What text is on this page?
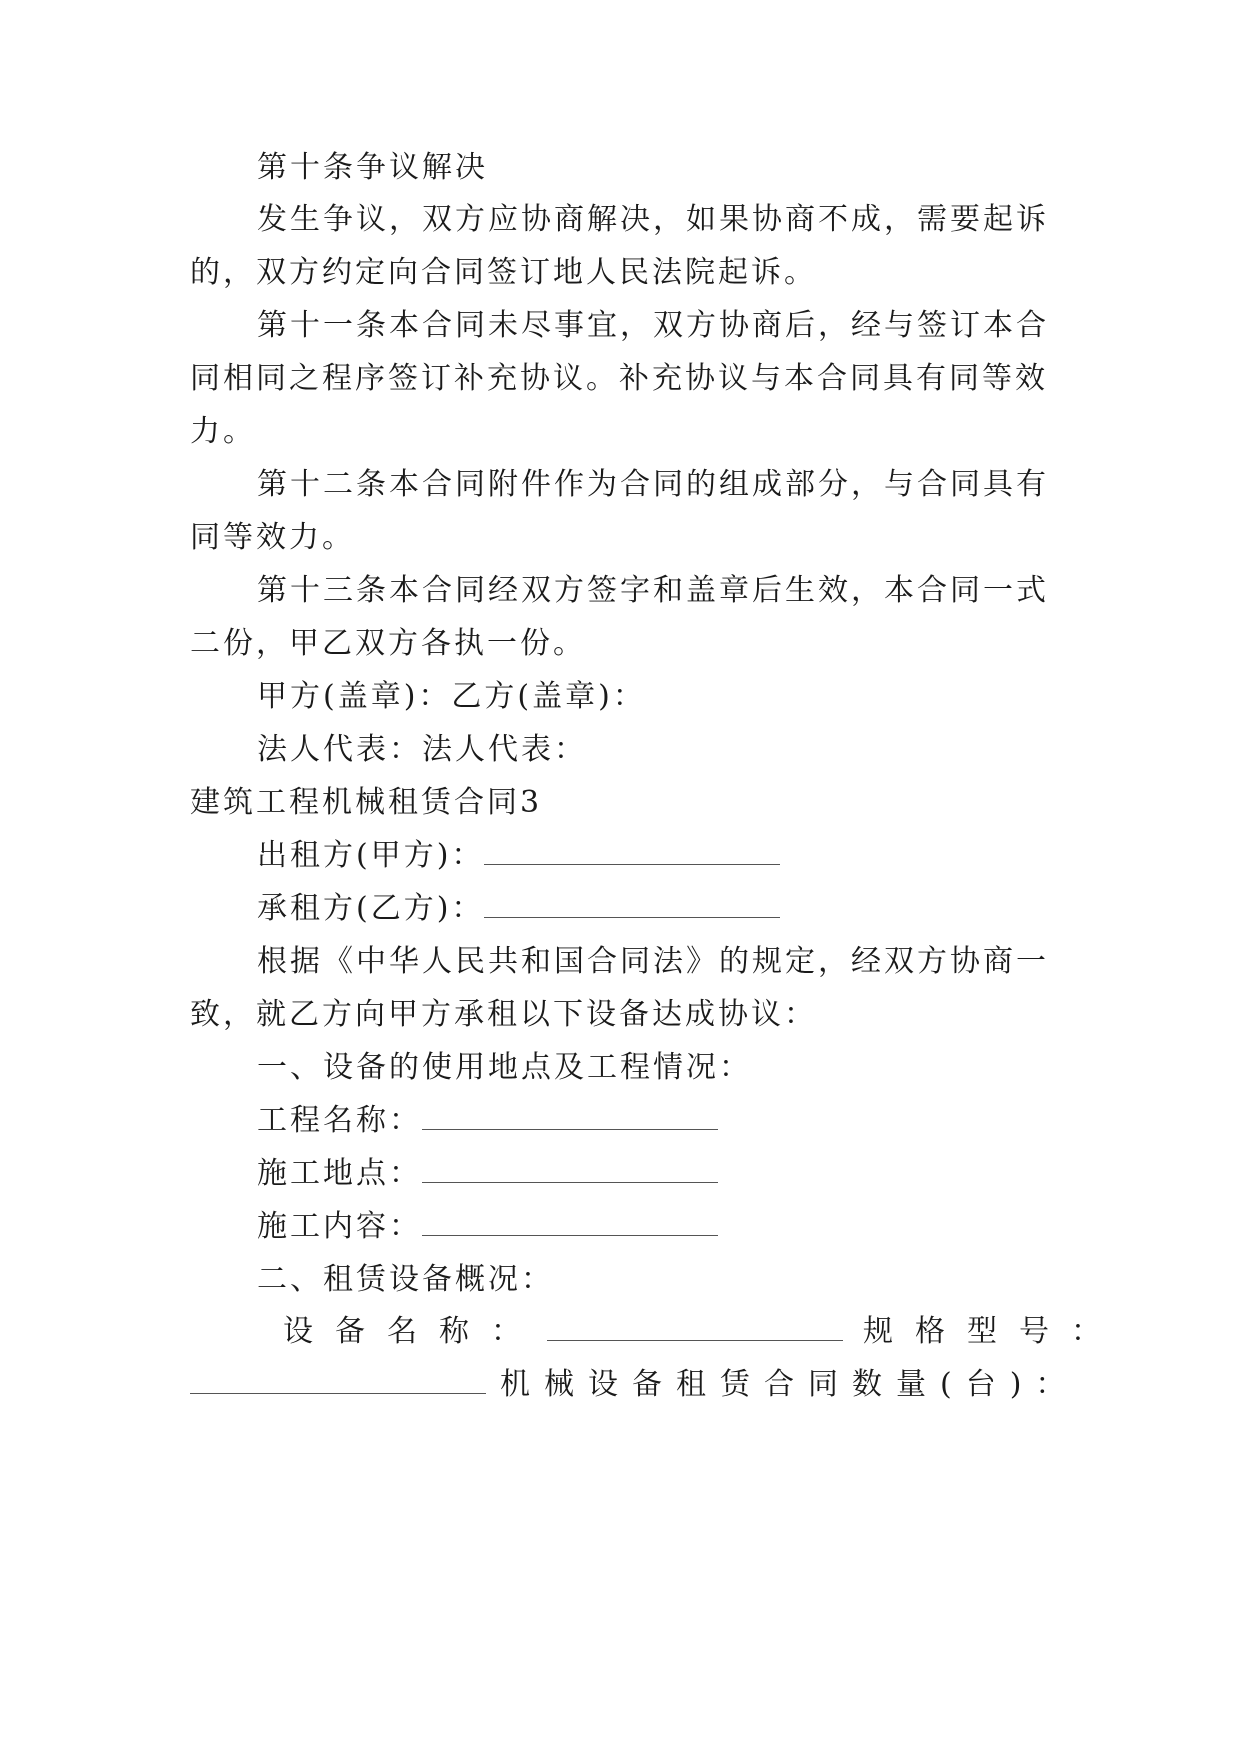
第十条争议解决
发生争议，双方应协商解决，如果协商不成，需要起诉
的，双方约定向合同签订地人民法院起诉。
第十一条本合同未尽事宜，双方协商后，经与签订本合
同相同之程序签订补充协议。补充协议与本合同具有同等效
力。
第十二条本合同附件作为合同的组成部分，与合同具有
同等效力。
第十三条本合同经双方签字和盖章后生效，本合同一式
二份，甲乙双方各执一份。
甲方(盖章)：乙方(盖章)：
法人代表：法人代表：
建筑工程机械租赁合同3
出租方(甲方)：
承租方(乙方)：
根据《中华人民共和国合同法》的规定，经双方协商一
致，就乙方向甲方承租以下设备达成协议：
一、设备的使用地点及工程情况：
工程名称：
施工地点：
施工内容：
二、租赁设备概况：
设备名称：	规格型号：
机械设备租赁合同数量(台)：
